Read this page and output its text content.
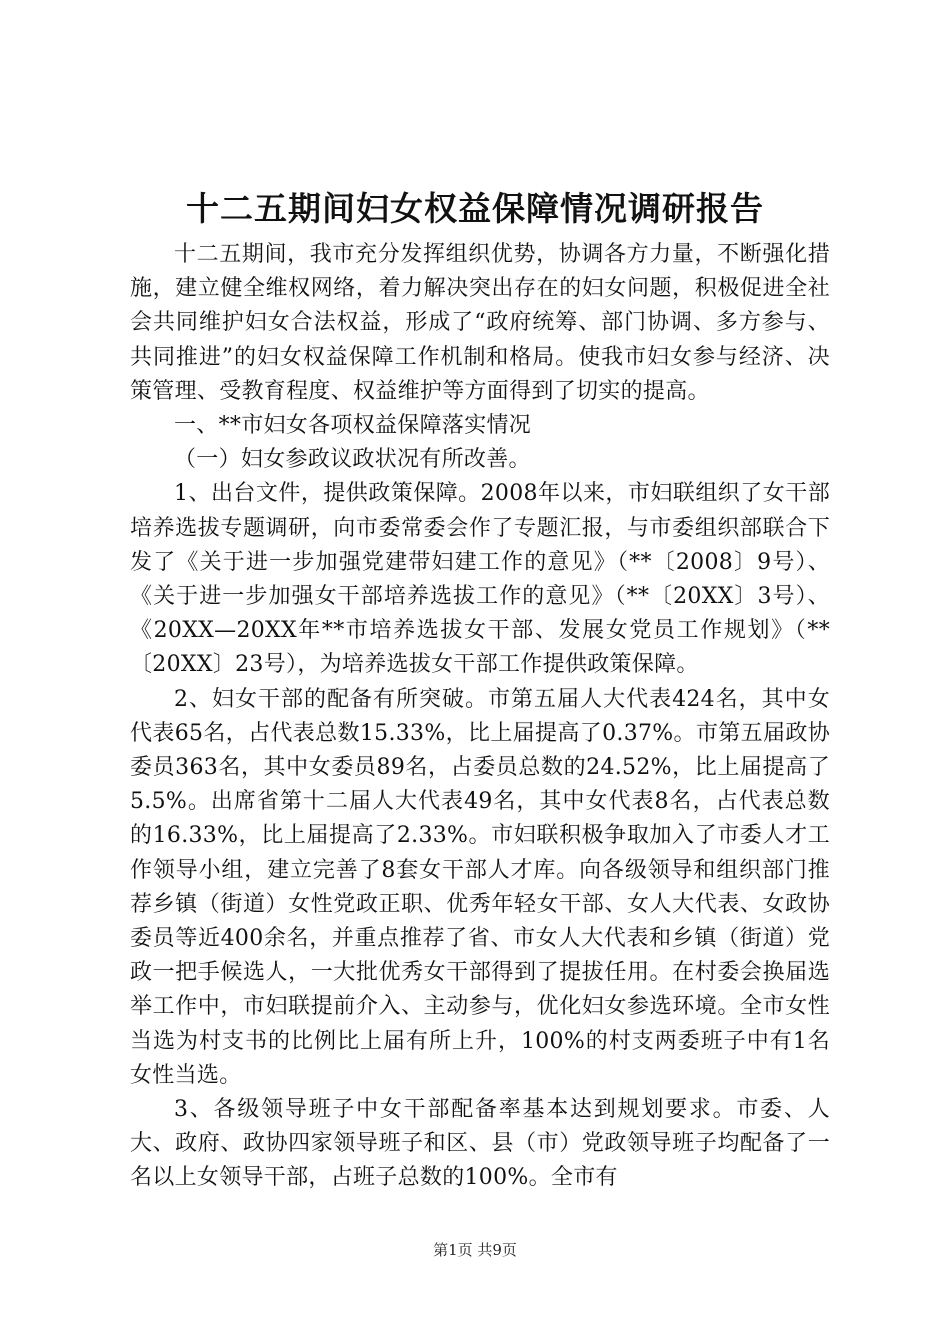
十二五期间妇女权益保障情况调研报告

十二五期间，我市充分发挥组织优势，协调各方力量，不断强化措施，建立健全维权网络，着力解决突出存在的妇女问题，积极促进全社会共同维护妇女合法权益，形成了“政府统筹、部门协调、多方参与、共同推进”的妇女权益保障工作机制和格局。使我市妇女参与经济、决策管理、受教育程度、权益维护等方面得到了切实的提高。

一、**市妇女各项权益保障落实情况

（一）妇女参政议政状况有所改善。

1、出台文件，提供政策保障。2008年以来，市妇联组织了女干部培养选拔专题调研，向市委常委会作了专题汇报，与市委组织部联合下发了《关于进一步加强党建带妇建工作的意见》（**〔2008〕9号）、《关于进一步加强女干部培养选拔工作的意见》（**〔20XX〕3号）、《20XX—20XX年**市培养选拔女干部、发展女党员工作规划》（**〔20XX〕23号），为培养选拔女干部工作提供政策保障。

2、妇女干部的配备有所突破。市第五届人大代表424名，其中女代表65名，占代表总数15.33%，比上届提高了0.37%。市第五届政协委员363名，其中女委员89名，占委员总数的24.52%，比上届提高了5.5%。出席省第十二届人大代表49名，其中女代表8名，占代表总数的16.33%，比上届提高了2.33%。市妇联积极争取加入了市委人才工作领导小组，建立完善了8套女干部人才库。向各级领导和组织部门推荐乡镇（街道）女性党政正职、优秀年轻女干部、女人大代表、女政协委员等近400余名，并重点推荐了省、市女人大代表和乡镇（街道）党政一把手候选人，一大批优秀女干部得到了提拔任用。在村委会换届选举工作中，市妇联提前介入、主动参与，优化妇女参选环境。全市女性当选为村支书的比例比上届有所上升，100%的村支两委班子中有1名女性当选。

3、各级领导班子中女干部配备率基本达到规划要求。市委、人大、政府、政协四家领导班子和区、县（市）党政领导班子均配备了一名以上女领导干部，占班子总数的100%。全市有

第1页 共9页
